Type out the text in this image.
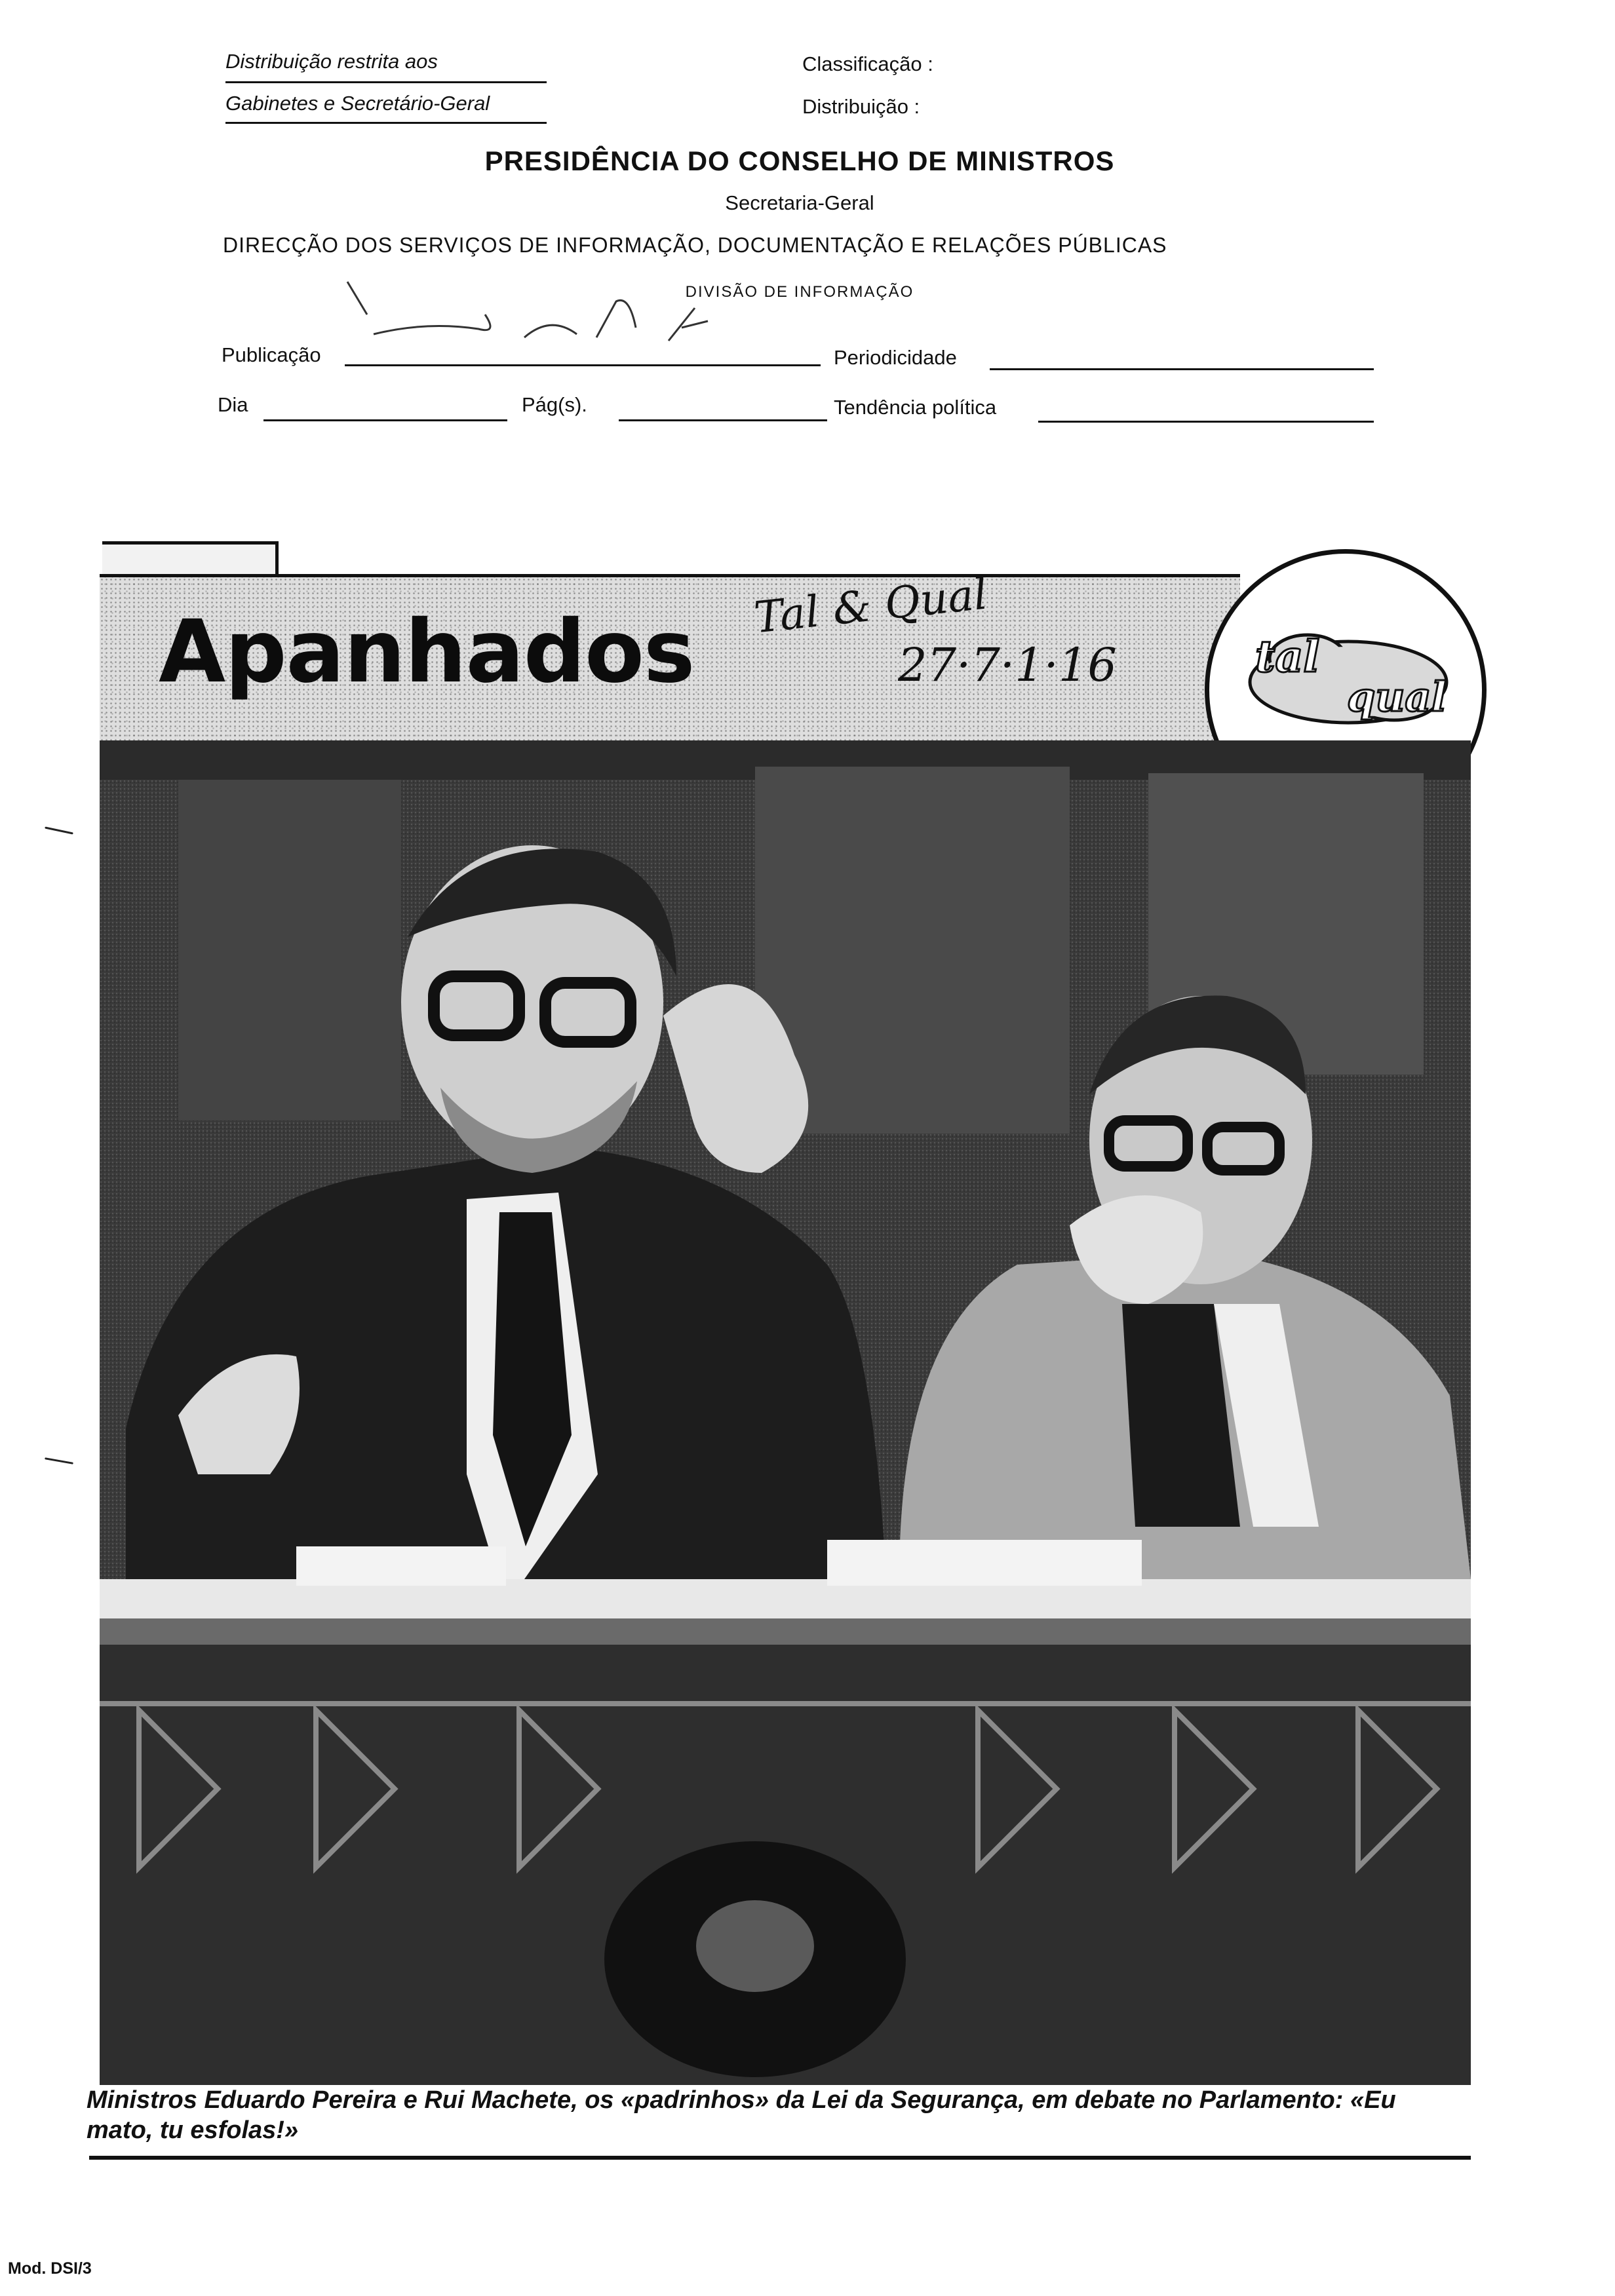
Distribuição restrita aos
Gabinetes e Secretário-Geral
Classificação :
Distribuição :
PRESIDÊNCIA DO CONSELHO DE MINISTROS
Secretaria-Geral
DIRECÇÃO DOS SERVIÇOS DE INFORMAÇÃO, DOCUMENTAÇÃO E RELAÇÕES PÚBLICAS
DIVISÃO DE INFORMAÇÃO
Publicação	Periodicidade
Dia	Pág(s).	Tendência política
Apanhados Tal & Qual
27·7·1·16	tal
qual
Ministros Eduardo Pereira e Rui Machete, os «padrinhos» da Lei da Segurança, em debate no Parlamento: «Eu
mato, tu esfolas!»
Mod. DSI/3
